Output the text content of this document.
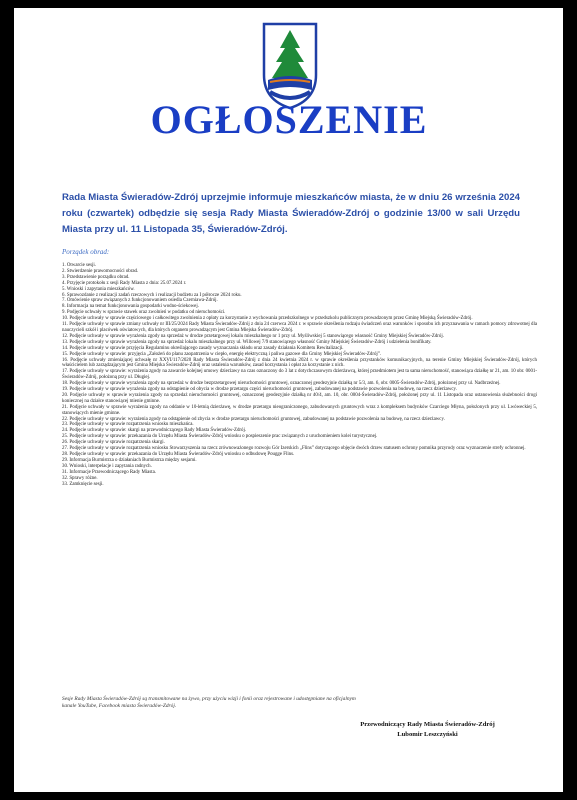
OGŁOSZENIE
Rada Miasta Świeradów-Zdrój uprzejmie informuje mieszkańców miasta, że w dniu 26 września 2024 roku (czwartek) odbędzie się sesja Rady Miasta Świeradów-Zdrój o godzinie 13/00 w sali Urzędu Miasta przy ul. 11 Listopada 35, Świeradów-Zdrój.
Porządek obrad:
1. Otwarcie sesji.
2. Stwierdzenie prawomocności obrad.
3. Przedstawienie porządku obrad.
4. Przyjęcie protokołu z sesji Rady Miasta z dnia: 25.07.2024 r.
5. Wnioski i zapytania mieszkańców.
6. Sprawozdanie z realizacji zadań rzeczowych i realizacji budżetu za I półrocze 2024 roku.
7. Omówienie spraw związanych z funkcjonowaniem osiedla Czerniawa-Zdrój.
8. Informacja na temat funkcjonowania gospodarki wodno-ściekowej.
9. Podjęcie uchwały w sprawie stawek oraz zwolnień w podatku od nieruchomości.
10. Podjęcie uchwały w sprawie częściowego i całkowitego zwolnienia z opłaty za korzystanie z wychowania przedszkolnego w przedszkolu publicznym prowadzonym przez Gminę Miejską Świeradów-Zdrój.
11. Podjęcie uchwały w sprawie zmiany uchwały nr III/25/2024 Rady Miasta Świeradów-Zdrój z dnia 24 czerwca 2024 r. w sprawie określenia rodzaju świadczeń oraz warunków i sposobu ich przyznawania w ramach pomocy zdrowotnej dla nauczycieli szkół i placówek oświatowych, dla których organem prowadzącym jest Gmina Miejska Świeradów-Zdrój.
12. Podjęcie uchwały w sprawie wyrażenia zgody na sprzedaż w drodze przetargowej lokalu mieszkalnego nr 1 przy ul. Myśliwskiej 5 stanowiącego własność Gminy Miejskiej Świeradów-Zdrój.
13. Podjęcie uchwały w sprawie wyrażenia zgody na sprzedaż lokalu mieszkalnego przy ul. Willowej 7/9 stanowiącego własność Gminy Miejskiej Świeradów-Zdrój i udzielenia bonifikaty.
14. Podjęcie uchwały w sprawie przyjęcia Regulaminu określającego zasady wyznaczania składu oraz zasady działania Komitetu Rewitalizacji.
15. Podjęcie uchwały w sprawie: przyjęcia „Założeń do planu zaopatrzenia w ciepło, energię elektryczną i paliwa gazowe dla Gminy Miejskiej Świeradów-Zdrój”.
16. Podjęcie uchwały zmieniającej uchwałę nr XXVI/117/2020 Rady Miasta Świeradów-Zdrój z dnia 24 kwietnia 2024 r. w sprawie określenia przystanków komunikacyjnych, na terenie Gminy Miejskiej Świeradów-Zdrój, których właścicielem lub zarządzającym jest Gmina Miejska Świeradów-Zdrój oraz ustalenia warunków, zasad korzystania i opłat za korzystanie z nich.
17. Podjęcie uchwały w sprawie: wyrażenia zgody na zawarcie kolejnej umowy dzierżawy na czas oznaczony do 3 lat z dotychczasowym dzierżawcą, której przedmiotem jest ta sama nieruchomość, stanowiąca działkę nr 21, am. 10 obr. 0001-Świeradów-Zdrój, położoną przy ul. Długiej.
18. Podjęcie uchwały w sprawie wyrażenia zgody na sprzedaż w drodze bezprzetargowej nieruchomości gruntowej, oznaczonej geodezyjnie działką nr 5/3, am. 6, obr. 0005-Świeradów-Zdrój, położonej przy ul. Nadbrzeżnej.
19. Podjęcie uchwały w sprawie wyrażenia zgody na odstąpienie od obycia w drodze przetargu części nieruchomości gruntowej, zabudowanej na podstawie pozwolenia na budowę, na rzecz dzierżawcy.
20. Podjęcie uchwały w sprawie wyrażenia zgody na sprzedaż nieruchomości gruntowej, oznaczonej geodezyjnie działką nr 40/4, am. 10, obr. 0004-Świeradów-Zdrój, położonej przy ul. 11 Listopada oraz ustanowienia służebności drogi koniecznej na działce stanowiącej mienie gminne.
21. Podjęcie uchwały w sprawie wyrażenia zgody na oddanie w 10-letnią dzierżawę, w drodze przetargu nieograniczonego, zabudowanych gruntowych wraz z kompleksem budynków Czarciego Młyna, położonych przy ul. Lwóweckiej 5, stanowiących mienie gminne.
22. Podjęcie uchwały w sprawie: wyrażenia zgody na odstąpienie od zbycia w drodze przetargu nieruchomości gruntowej, zabudowanej na podstawie pozwolenia na budowę, na rzecz dzierżawcy.
23. Podjęcie uchwały w sprawie rozpatrzenia wniosku mieszkańca.
24. Podjęcie uchwały w sprawie: skargi na przewodniczącego Rady Miasta Świeradów-Zdrój.
25. Podjęcie uchwały w sprawie: przekazania do Urzędu Miasta Świeradów-Zdrój wniosku o pospieszenie prac związanych z uruchomieniem kolei turystycznej.
26. Podjęcie uchwały w sprawie rozpatrzenia skargi.
27. Podjęcie uchwały w sprawie rozpatrzenia wniosku Stowarzyszenia na rzecz zrównoważonego rozwoju Gór Izerskich „Flins” dotyczącego objęcie dwóch drzew statusem ochrony pomnika przyrody oraz wyznaczenie strefy ochronnej.
28. Podjęcie uchwały w sprawie: przekazania do Urzędu Miasta Świeradów-Zdrój wniosku o odbudowę Pougge Flins.
29. Informacja Burmistrza o działaniach Burmistrza między sesjami.
30. Wnioski, interpelacje i zapytania radnych.
31. Informacje Przewodniczącego Rady Miasta.
32. Sprawy różne.
33. Zamknięcie sesji.
Sesje Rady Miasta Świeradów-Zdrój są transmitowane na żywo, przy użyciu wizji i fonii oraz rejestrowane i udostępniane na oficjalnym kanale YouTube, Facebook miasta Świeradów-Zdrój.
Przewodniczący Rady Miasta Świeradów-Zdrój
Lubomir Leszczyński
